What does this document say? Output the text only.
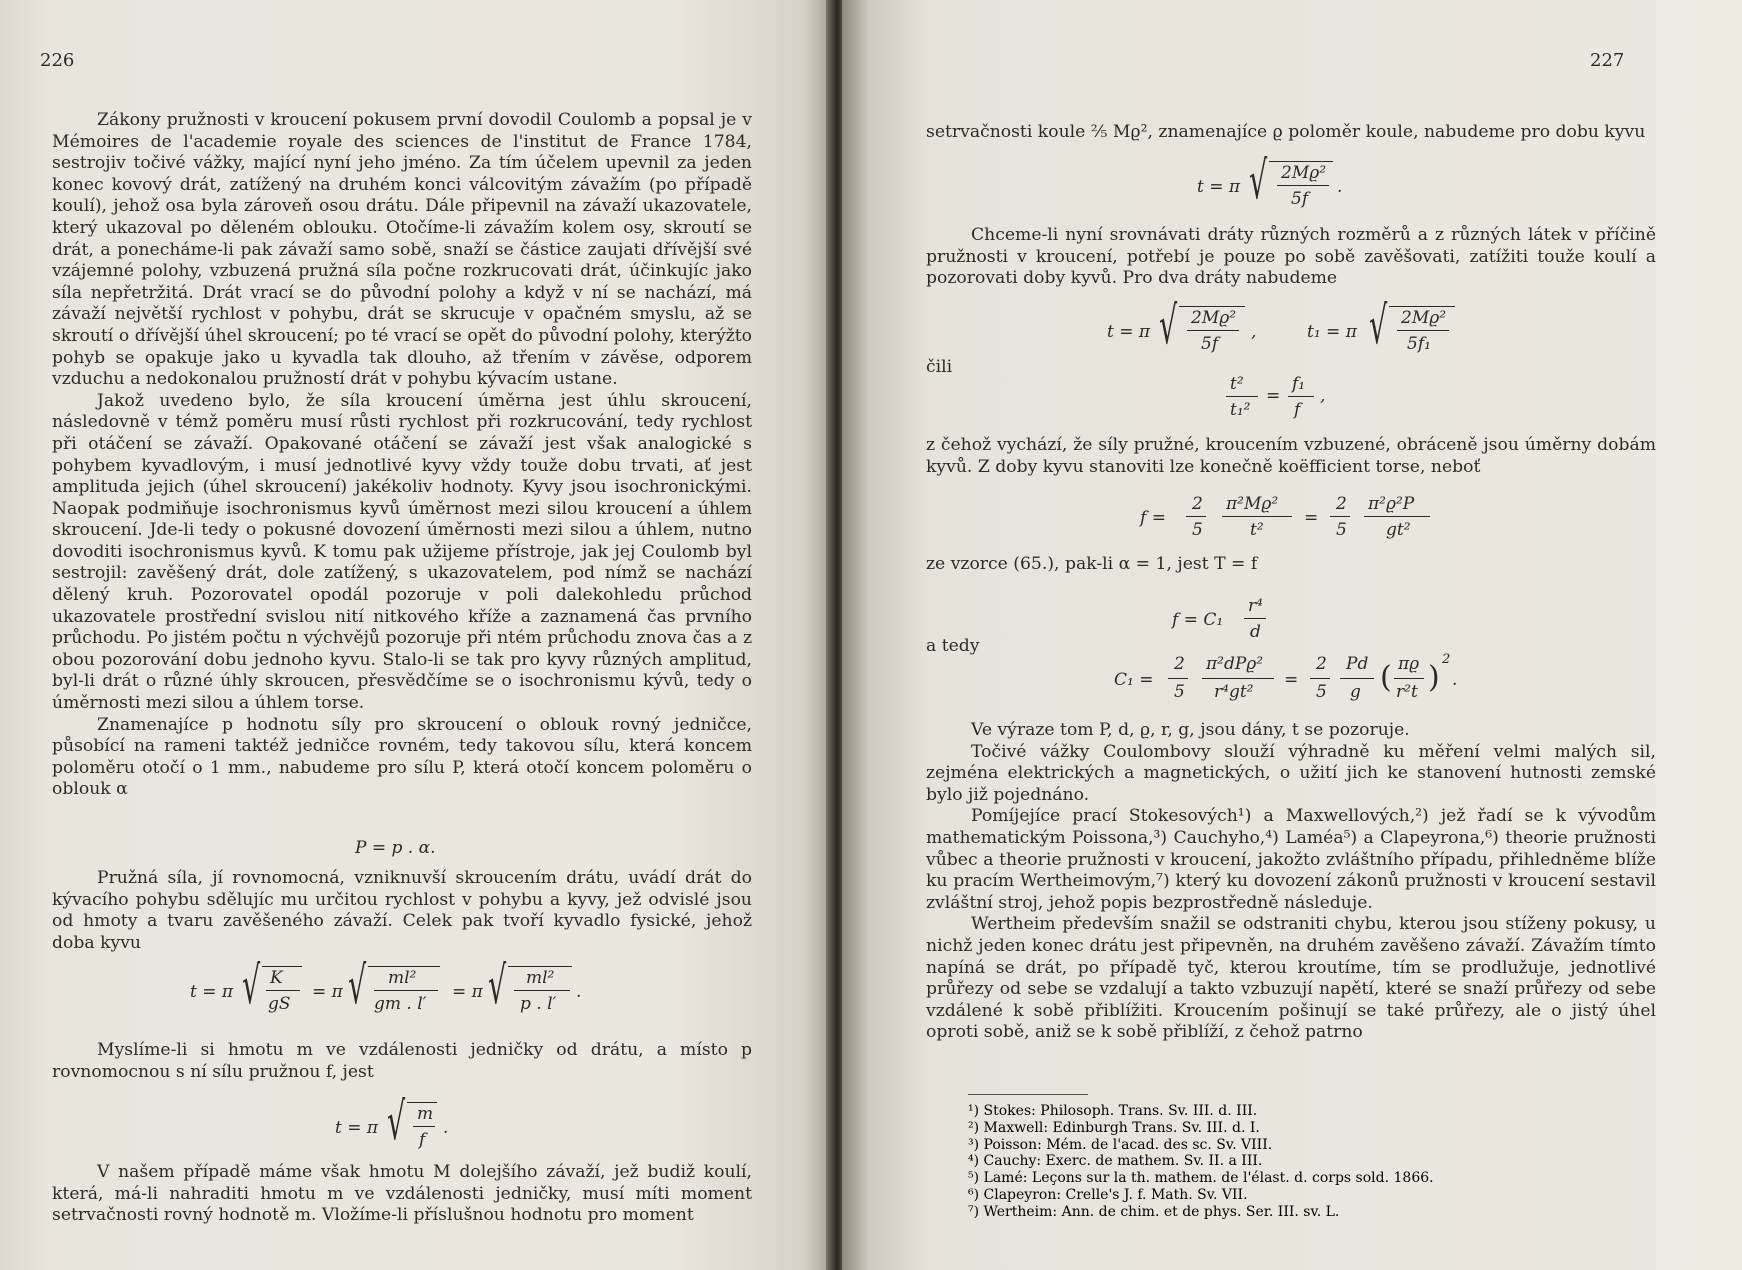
226

Zákony pružnosti v kroucení pokusem první dovodil Coulomb a popsal je v Mémoires de l'academie royale des sciences de l'institut de France 1784, sestrojiv točivé vážky, mající nyní jeho jméno. Za tím účelem upevnil za jeden konec kovový drát, zatížený na druhém konci válcovitým závažím (po případě koulí), jehož osa byla zároveň osou drátu. Dále připevnil na závaží ukazovatele, který ukazoval po děleném oblouku. Otočíme-li závažím kolem osy, skroutí se drát, a ponecháme-li pak závaží samo sobě, snaží se částice zaujati dřívější své vzájemné polohy, vzbuzená pružná síla počne rozkrucovati drát, účinkujíc jako síla nepřetržitá. Drát vrací se do původní polohy a když v ní se nachází, má závaží největší rychlost v pohybu, drát se skrucuje v opačném smyslu, až se skroutí o dřívější úhel skroucení; po té vrací se opět do původní polohy, kterýžto pohyb se opakuje jako u kyvadla tak dlouho, až třením v závěse, odporem vzduchu a nedokonalou pružností drát v pohybu kývacím ustane.

Jakož uvedeno bylo, že síla kroucení úměrna jest úhlu skroucení, následovně v témž poměru musí růsti rychlost při rozkrucování, tedy rychlost při otáčení se závaží. Opakované otáčení se závaží jest však analogické s pohybem kyvadlovým, i musí jednotlivé kyvy vždy touže dobu trvati, ať jest amplituda jejich (úhel skroucení) jakékoliv hodnoty. Kyvy jsou isochronickými. Naopak podmiňuje isochronismus kyvů úměrnost mezi silou kroucení a úhlem skroucení. Jde-li tedy o pokusné dovození úměrnosti mezi silou a úhlem, nutno dovoditi isochronismus kyvů. K tomu pak užijeme přístroje, jak jej Coulomb byl sestrojil: zavěšený drát, dole zatížený, s ukazovatelem, pod nímž se nachází dělený kruh. Pozorovatel opodál pozoruje v poli dalekohledu průchod ukazovatele prostřední svislou nití nitkového kříže a zaznamená čas prvního průchodu. Po jistém počtu n výchvějů pozoruje při ntém průchodu znova čas a z obou pozorování dobu jednoho kyvu. Stalo-li se tak pro kyvy různých amplitud, byl-li drát o různé úhly skroucen, přesvědčíme se o isochronismu kývů, tedy o úměrnosti mezi silou a úhlem torse.

Znamenajíce p hodnotu síly pro skroucení o oblouk rovný jedničce, působící na rameni taktéž jedničce rovném, tedy takovou sílu, která koncem poloměru otočí o 1 mm., nabudeme pro sílu P, která otočí koncem poloměru o oblouk α

P = p . α.

Pružná síla, jí rovnomocná, vzniknuvší skroucením drátu, uvádí drát do kývacího pohybu sdělujíc mu určitou rychlost v pohybu a kyvy, jež odvislé jsou od hmoty a tvaru zavěšeného závaží. Celek pak tvoří kyvadlo fysické, jehož doba kyvu

t = π √ K
gS
= π √ ml²
gm . l′
= π √ ml²
p . l′
.

Myslíme-li si hmotu m ve vzdálenosti jedničky od drátu, a místo p rovnomocnou s ní sílu pružnou f, jest

t = π √ m
f
.

V našem případě máme však hmotu M dolejšího závaží, jež budiž koulí, která, má-li nahraditi hmotu m ve vzdálenosti jedničky, musí míti moment setrvačnosti rovný hodnotě m. Vložíme-li příslušnou hodnotu pro moment

227

setrvačnosti koule ⅖ Mϱ², znamenajíce ϱ poloměr koule, nabudeme pro dobu kyvu

t = π √ 2Mϱ²
5f
.

Chceme-li nyní srovnávati dráty různých rozměrů a z různých látek v příčině pružnosti v kroucení, potřebí je pouze po sobě zavěšovati, zatížiti touže koulí a pozorovati doby kyvů. Pro dva dráty nabudeme

t = π √ 2Mϱ²
5f
,	t₁ = π √ 2Mϱ²
5f₁

čili

t²
t₁²
=
f₁
f
,

z čehož vychází, že síly pružné, kroucením vzbuzené, obráceně jsou úměrny dobám kyvů. Z doby kyvu stanoviti lze konečně koëfficient torse, neboť

f =
2
5
π²Mϱ²
t²
=
2
5
π²ϱ²P
gt²

ze vzorce (65.), pak-li α = 1, jest T = f

f = C₁
r⁴
d

a tedy

C₁ =
2
5
π²dPϱ²
r⁴gt²
=
2
5
Pd
g ( πϱ
r²t )
2
.

Ve výraze tom P, d, ϱ, r, g, jsou dány, t se pozoruje.

Točivé vážky Coulombovy slouží výhradně ku měření velmi malých sil, zejména elektrických a magnetických, o užití jich ke stanovení hutnosti zemské bylo již pojednáno.

Pomíjejíce prací Stokesových¹) a Maxwellových,²) jež řadí se k vývodům mathematickým Poissona,³) Cauchyho,⁴) Laméa⁵) a Clapeyrona,⁶) theorie pružnosti vůbec a theorie pružnosti v kroucení, jakožto zvláštního případu, přihledněme blíže ku pracím Wertheimovým,⁷) který ku dovození zákonů pružnosti v kroucení sestavil zvláštní stroj, jehož popis bezprostředně následuje.

Wertheim především snažil se odstraniti chybu, kterou jsou stíženy pokusy, u nichž jeden konec drátu jest připevněn, na druhém zavěšeno závaží. Závažím tímto napíná se drát, po případě tyč, kterou kroutíme, tím se prodlužuje, jednotlivé průřezy od sebe se vzdalují a takto vzbuzují napětí, které se snaží průřezy od sebe vzdálené k sobě přiblížiti. Kroucením pošinují se také průřezy, ale o jistý úhel oproti sobě, aniž se k sobě přiblíží, z čehož patrno

¹) Stokes: Philosoph. Trans. Sv. III. d. III.
²) Maxwell: Edinburgh Trans. Sv. III. d. I.
³) Poisson: Mém. de l'acad. des sc. Sv. VIII.
⁴) Cauchy: Exerc. de mathem. Sv. II. a III.
⁵) Lamé: Leçons sur la th. mathem. de l'élast. d. corps sold. 1866.
⁶) Clapeyron: Crelle's J. f. Math. Sv. VII.
⁷) Wertheim: Ann. de chim. et de phys. Ser. III. sv. L.
